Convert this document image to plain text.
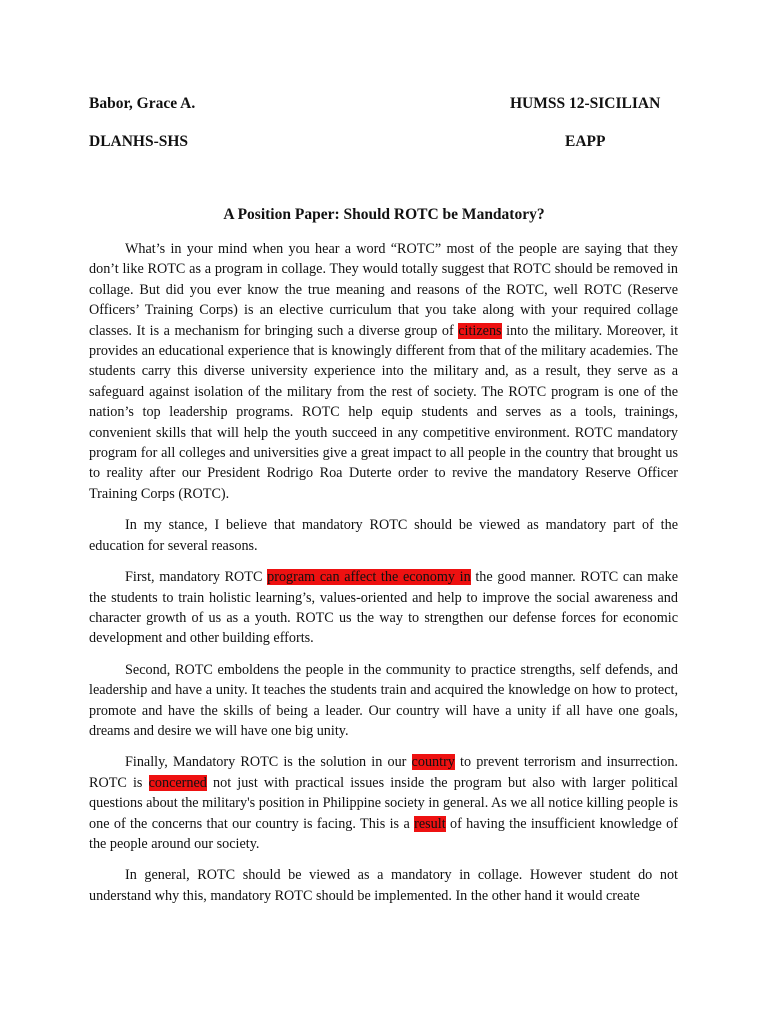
Babor, Grace A.	HUMSS 12-SICILIAN
DLANHS-SHS	EAPP
A Position Paper: Should ROTC be Mandatory?

What’s in your mind when you hear a word “ROTC” most of the people are saying that they don’t like ROTC as a program in collage. They would totally suggest that ROTC should be removed in collage. But did you ever know the true meaning and reasons of the ROTC, well ROTC (Reserve Officers’ Training Corps) is an elective curriculum that you take along with your required collage classes. It is a mechanism for bringing such a diverse group of citizens into the military. Moreover, it provides an educational experience that is knowingly different from that of the military academies. The students carry this diverse university experience into the military and, as a result, they serve as a safeguard against isolation of the military from the rest of society. The ROTC program is one of the nation’s top leadership programs. ROTC help equip students and serves as a tools, trainings, convenient skills that will help the youth succeed in any competitive environment. ROTC mandatory program for all colleges and universities give a great impact to all people in the country that brought us to reality after our President Rodrigo Roa Duterte order to revive the mandatory Reserve Officer Training Corps (ROTC).

In my stance, I believe that mandatory ROTC should be viewed as mandatory part of the education for several reasons.

First, mandatory ROTC program can affect the economy in the good manner. ROTC can make the students to train holistic learning’s, values-oriented and help to improve the social awareness and character growth of us as a youth. ROTC us the way to strengthen our defense forces for economic development and other building efforts.

Second, ROTC emboldens the people in the community to practice strengths, self defends, and leadership and have a unity. It teaches the students train and acquired the knowledge on how to protect, promote and have the skills of being a leader. Our country will have a unity if all have one goals, dreams and desire we will have one big unity.

Finally, Mandatory ROTC is the solution in our country to prevent terrorism and insurrection. ROTC is concerned not just with practical issues inside the program but also with larger political questions about the military's position in Philippine society in general. As we all notice killing people is one of the concerns that our country is facing. This is a result of having the insufficient knowledge of the people around our society.

In general, ROTC should be viewed as a mandatory in collage. However student do not understand why this, mandatory ROTC should be implemented. In the other hand it would create
